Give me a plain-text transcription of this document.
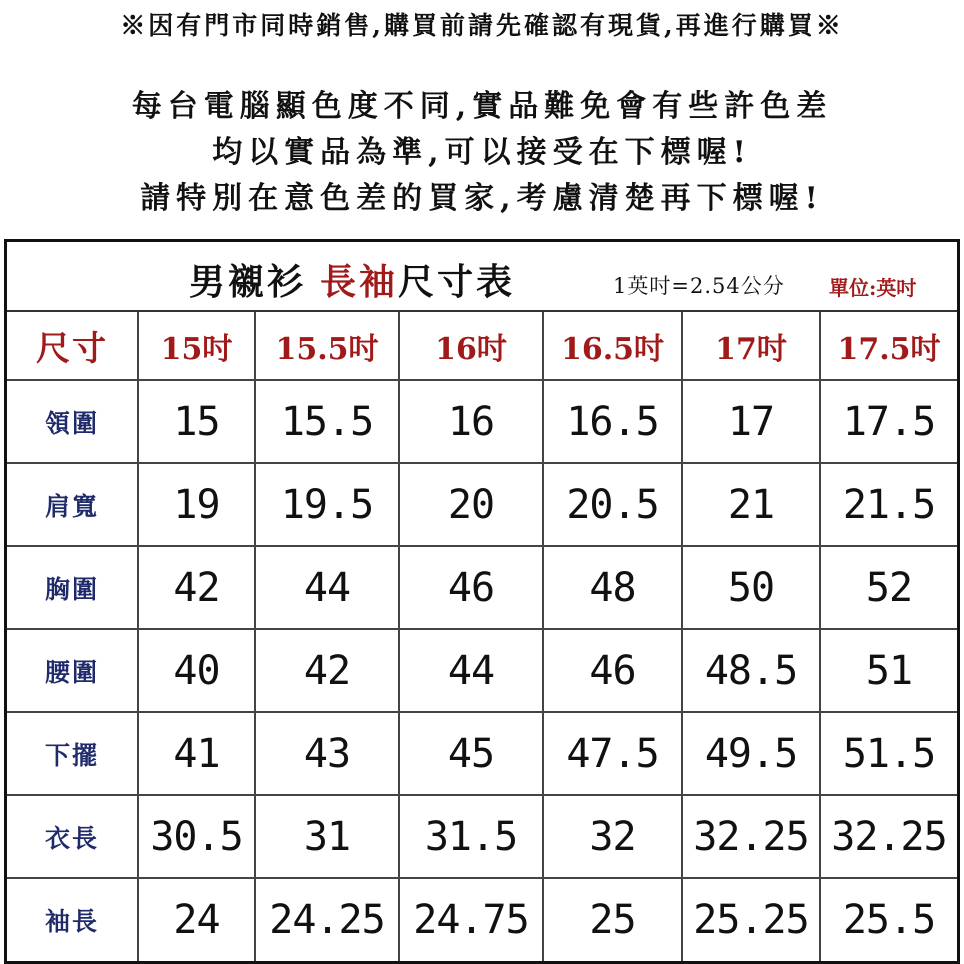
※因有門市同時銷售,購買前請先確認有現貨,再進行購買※
每台電腦顯色度不同,實品難免會有些許色差
均以實品為準,可以接受在下標喔!
請特別在意色差的買家,考慮清楚再下標喔!
男襯衫 長袖尺寸表	1英吋=2.54公分 單位:英吋
尺寸	15吋	15.5吋	16吋	16.5吋	17吋	17.5吋
領圍	15	15.5	16	16.5	17	17.5
肩寬	19	19.5	20	20.5	21	21.5
胸圍	42	44	46	48	50	52
腰圍	40	42	44	46	48.5	51
下擺	41	43	45	47.5	49.5	51.5
衣長	30.5	31	31.5	32	32.25	32.25
袖長	24	24.25	24.75	25	25.25	25.5
